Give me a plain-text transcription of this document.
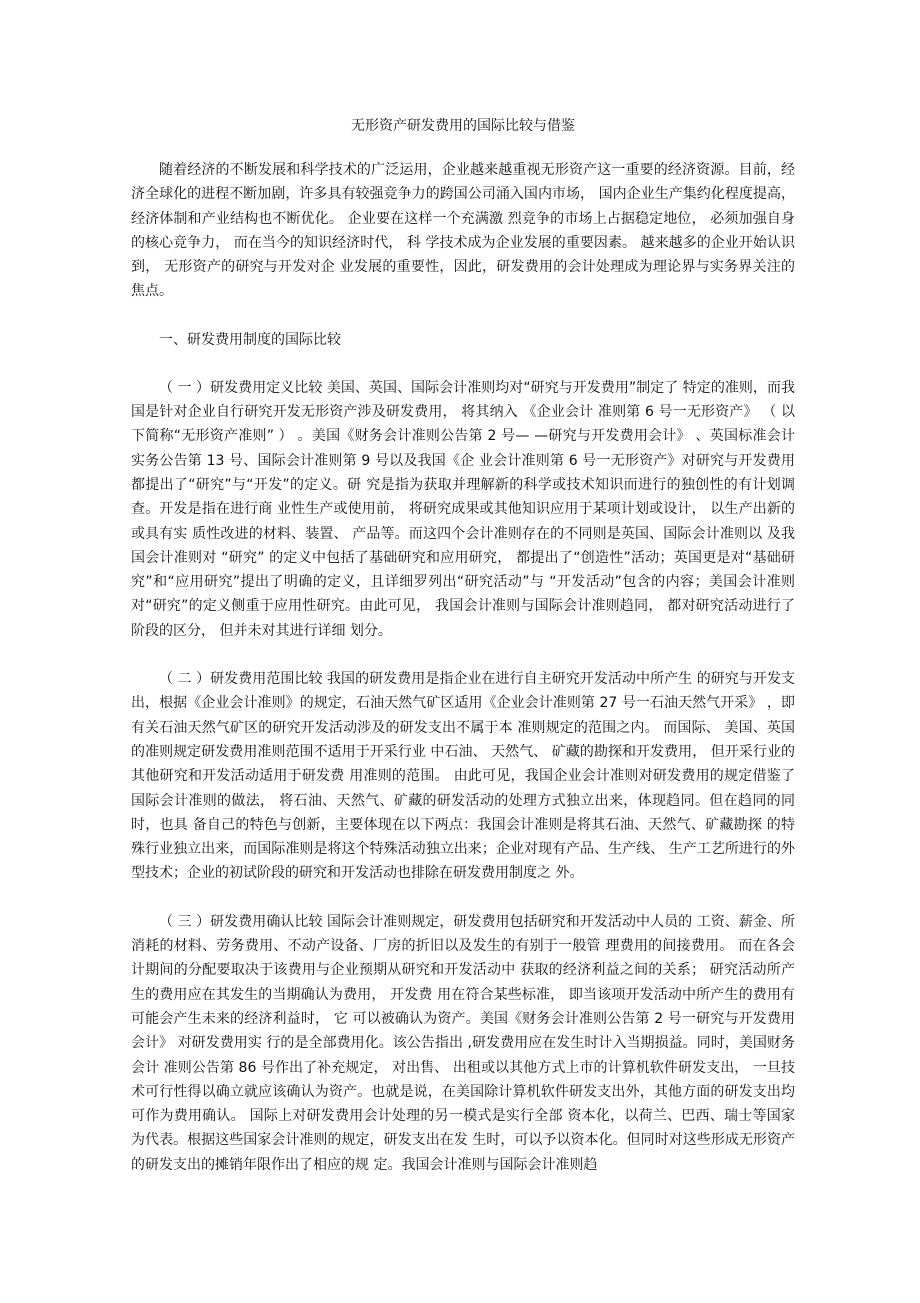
无形资产研发费用的国际比较与借鉴

随着经济的不断发展和科学技术的广泛运用，企业越来越重视无形资产这一重要的经济资源。目前，经济全球化的进程不断加剧，许多具有较强竞争力的跨国公司涌入国内市场， 国内企业生产集约化程度提高， 经济体制和产业结构也不断优化。 企业要在这样一个充满激 烈竞争的市场上占据稳定地位， 必须加强自身的核心竞争力， 而在当今的知识经济时代， 科 学技术成为企业发展的重要因素。 越来越多的企业开始认识到， 无形资产的研究与开发对企 业发展的重要性，因此，研发费用的会计处理成为理论界与实务界关注的焦点。

一、研发费用制度的国际比较

（ 一 ）研发费用定义比较 美国、英国、国际会计准则均对“研究与开发费用”制定了 特定的准则，而我国是针对企业自行研究开发无形资产涉及研发费用， 将其纳入 《企业会计 准则第 6 号一无形资产》 （ 以下简称“无形资产准则” ） 。美国《财务会计准则公告第 2 号— —研究与开发费用会计》 、英国标准会计实务公告第 13 号、国际会计准则第 9 号以及我国《企 业会计准则第 6 号一无形资产》对研究与开发费用都提出了“研究”与“开发”的定义。研 究是指为获取并理解新的科学或技术知识而进行的独创性的有计划调查。开发是指在进行商 业性生产或使用前， 将研究成果或其他知识应用于某项计划或设计， 以生产出新的或具有实 质性改进的材料、装置、 产品等。而这四个会计准则存在的不同则是英国、国际会计准则以 及我国会计准则对 “研究” 的定义中包括了基础研究和应用研究， 都提出了“创造性”活动；英国更是对“基础研究”和“应用研究”提出了明确的定义，且详细罗列出“研究活动”与 “开发活动”包含的内容；美国会计准则对“研究”的定义侧重于应用性研究。由此可见， 我国会计准则与国际会计准则趋同， 都对研究活动进行了阶段的区分， 但并未对其进行详细 划分。

（ 二 ）研发费用范围比较 我国的研发费用是指企业在进行自主研究开发活动中所产生 的研究与开发支出，根据《企业会计准则》的规定，石油天然气矿区适用《企业会计准则第 27 号一石油天然气开采》 ，即有关石油天然气矿区的研究开发活动涉及的研发支出不属于本 准则规定的范围之内。 而国际、 美国、英国的准则规定研发费用准则范围不适用于开采行业 中石油、 天然气、 矿藏的勘探和开发费用， 但开采行业的其他研究和开发活动适用于研发费 用准则的范围。 由此可见，我国企业会计准则对研发费用的规定借鉴了国际会计准则的做法， 将石油、天然气、矿藏的研发活动的处理方式独立出来，体现趋同。但在趋同的同时，也具 备自己的特色与创新，主要体现在以下两点：我国会计准则是将其石油、天然气、矿藏勘探 的特殊行业独立出来，而国际准则是将这个特殊活动独立出来；企业对现有产品、生产线、 生产工艺所进行的外型技术；企业的初试阶段的研究和开发活动也排除在研发费用制度之 外。

（ 三 ）研发费用确认比较 国际会计准则规定，研发费用包括研究和开发活动中人员的 工资、薪金、所消耗的材料、劳务费用、不动产设备、厂房的折旧以及发生的有别于一般管 理费用的间接费用。 而在各会计期间的分配要取决于该费用与企业预期从研究和开发活动中 获取的经济利益之间的关系； 研究活动所产生的费用应在其发生的当期确认为费用， 开发费 用在符合某些标准， 即当该项开发活动中所产生的费用有可能会产生未来的经济利益时， 它 可以被确认为资产。美国《财务会计准则公告第 2 号一研究与开发费用会计》 对研发费用实 行的是全部费用化。该公告指出 ,研发费用应在发生时计入当期损益。同时，美国财务会计 准则公告第 86 号作出了补充规定， 对出售、 出租或以其他方式上市的计算机软件研发支出， 一旦技术可行性得以确立就应该确认为资产。也就是说，在美国除计算机软件研发支出外，其他方面的研发支出均可作为费用确认。 国际上对研发费用会计处理的另一模式是实行全部 资本化，以荷兰、巴西、瑞士等国家为代表。根据这些国家会计准则的规定，研发支出在发 生时，可以予以资本化。但同时对这些形成无形资产的研发支出的摊销年限作出了相应的规 定。我国会计准则与国际会计准则趋
